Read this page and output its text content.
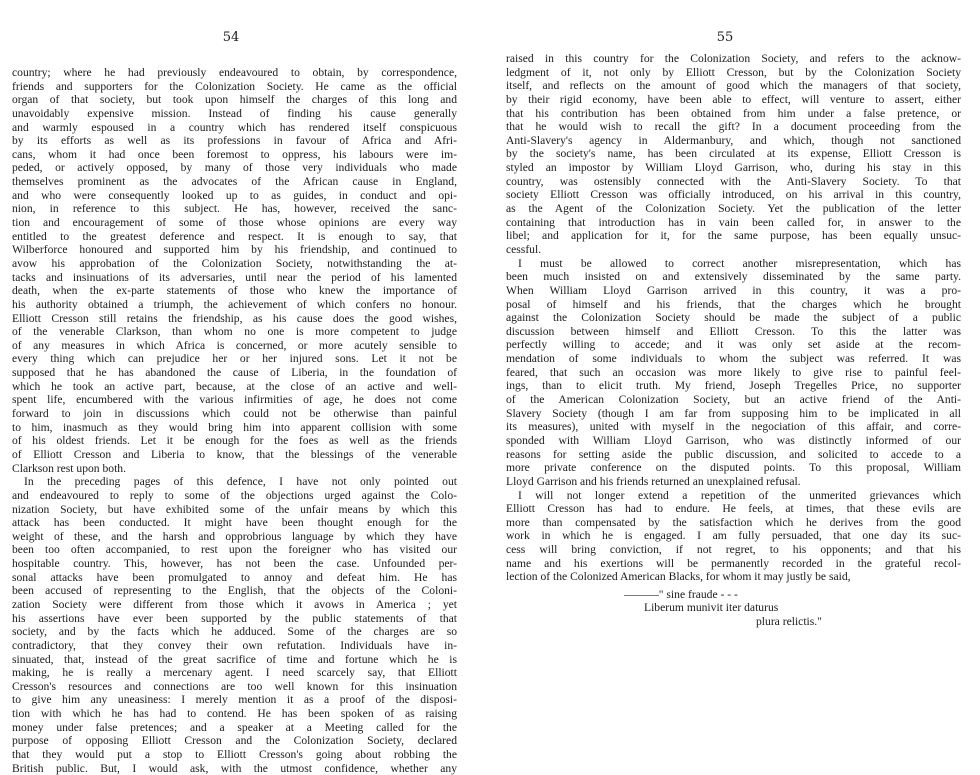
54
country; where he had previously endeavoured to obtain, by correspondence,
friends and supporters for the Colonization Society. He came as the official
organ of that society, but took upon himself the charges of this long and
unavoidably expensive mission. Instead of finding his cause generally
and warmly espoused in a country which has rendered itself conspicuous
by its efforts as well as its professions in favour of Africa and Afri-
cans, whom it had once been foremost to oppress, his labours were im-
peded, or actively opposed, by many of those very individuals who made
themselves prominent as the advocates of the African cause in England,
and who were consequently looked up to as guides, in conduct and opi-
nion, in reference to this subject. He has, however, received the sanc-
tion and encouragement of some of those whose opinions are every way
entitled to the greatest deference and respect. It is enough to say, that
Wilberforce honoured and supported him by his friendship, and continued to
avow his approbation of the Colonization Society, notwithstanding the at-
tacks and insinuations of its adversaries, until near the period of his lamented
death, when the ex-parte statements of those who knew the importance of
his authority obtained a triumph, the achievement of which confers no honour.
Elliott Cresson still retains the friendship, as his cause does the good wishes,
of the venerable Clarkson, than whom no one is more competent to judge
of any measures in which Africa is concerned, or more acutely sensible to
every thing which can prejudice her or her injured sons. Let it not be
supposed that he has abandoned the cause of Liberia, in the foundation of
which he took an active part, because, at the close of an active and well-
spent life, encumbered with the various infirmities of age, he does not come
forward to join in discussions which could not be otherwise than painful
to him, inasmuch as they would bring him into apparent collision with some
of his oldest friends. Let it be enough for the foes as well as the friends
of Elliott Cresson and Liberia to know, that the blessings of the venerable
Clarkson rest upon both.
In the preceding pages of this defence, I have not only pointed out
and endeavoured to reply to some of the objections urged against the Colo-
nization Society, but have exhibited some of the unfair means by which this
attack has been conducted. It might have been thought enough for the
weight of these, and the harsh and opprobrious language by which they have
been too often accompanied, to rest upon the foreigner who has visited our
hospitable country. This, however, has not been the case. Unfounded per-
sonal attacks have been promulgated to annoy and defeat him. He has
been accused of representing to the English, that the objects of the Coloni-
zation Society were different from those which it avows in America ; yet
his assertions have ever been supported by the public statements of that
society, and by the facts which he adduced. Some of the charges are so
contradictory, that they convey their own refutation. Individuals have in-
sinuated, that, instead of the great sacrifice of time and fortune which he is
making, he is really a mercenary agent. I need scarcely say, that Elliott
Cresson's resources and connections are too well known for this insinuation
to give him any uneasiness: I merely mention it as a proof of the disposi-
tion with which he has had to contend. He has been spoken of as raising
money under false pretences; and a speaker at a Meeting called for the
purpose of opposing Elliott Cresson and the Colonization Society, declared
that they would put a stop to Elliott Cresson's going about robbing the
British public. But, I would ask, with the utmost confidence, whether any
55
raised in this country for the Colonization Society, and refers to the acknow-
ledgment of it, not only by Elliott Cresson, but by the Colonization Society
itself, and reflects on the amount of good which the managers of that society,
by their rigid economy, have been able to effect, will venture to assert, either
that his contribution has been obtained from him under a false pretence, or
that he would wish to recall the gift? In a document proceeding from the
Anti-Slavery's agency in Aldermanbury, and which, though not sanctioned
by the society's name, has been circulated at its expense, Elliott Cresson is
styled an impostor by William Lloyd Garrison, who, during his stay in this
country, was ostensibly connected with the Anti-Slavery Society. To that
society Elliott Cresson was officially introduced, on his arrival in this country,
as the Agent of the Colonization Society. Yet the publication of the letter
containing that introduction has in vain been called for, in answer to the
libel; and application for it, for the same purpose, has been equally unsuc-
cessful.
I must be allowed to correct another misrepresentation, which has
been much insisted on and extensively disseminated by the same party.
When William Lloyd Garrison arrived in this country, it was a pro-
posal of himself and his friends, that the charges which he brought
against the Colonization Society should be made the subject of a public
discussion between himself and Elliott Cresson. To this the latter was
perfectly willing to accede; and it was only set aside at the recom-
mendation of some individuals to whom the subject was referred. It was
feared, that such an occasion was more likely to give rise to painful feel-
ings, than to elicit truth. My friend, Joseph Tregelles Price, no supporter
of the American Colonization Society, but an active friend of the Anti-
Slavery Society (though I am far from supposing him to be implicated in all
its measures), united with myself in the negociation of this affair, and corre-
sponded with William Lloyd Garrison, who was distinctly informed of our
reasons for setting aside the public discussion, and solicited to accede to a
more private conference on the disputed points. To this proposal, William
Lloyd Garrison and his friends returned an unexplained refusal.
I will not longer extend a repetition of the unmerited grievances which
Elliott Cresson has had to endure. He feels, at times, that these evils are
more than compensated by the satisfaction which he derives from the good
work in which he is engaged. I am fully persuaded, that one day its suc-
cess will bring conviction, if not regret, to his opponents; and that his
name and his exertions will be permanently recorded in the grateful recol-
lection of the Colonized American Blacks, for whom it may justly be said,
———" sine fraude - - -
Liberum munivit iter daturus
plura relictis."
